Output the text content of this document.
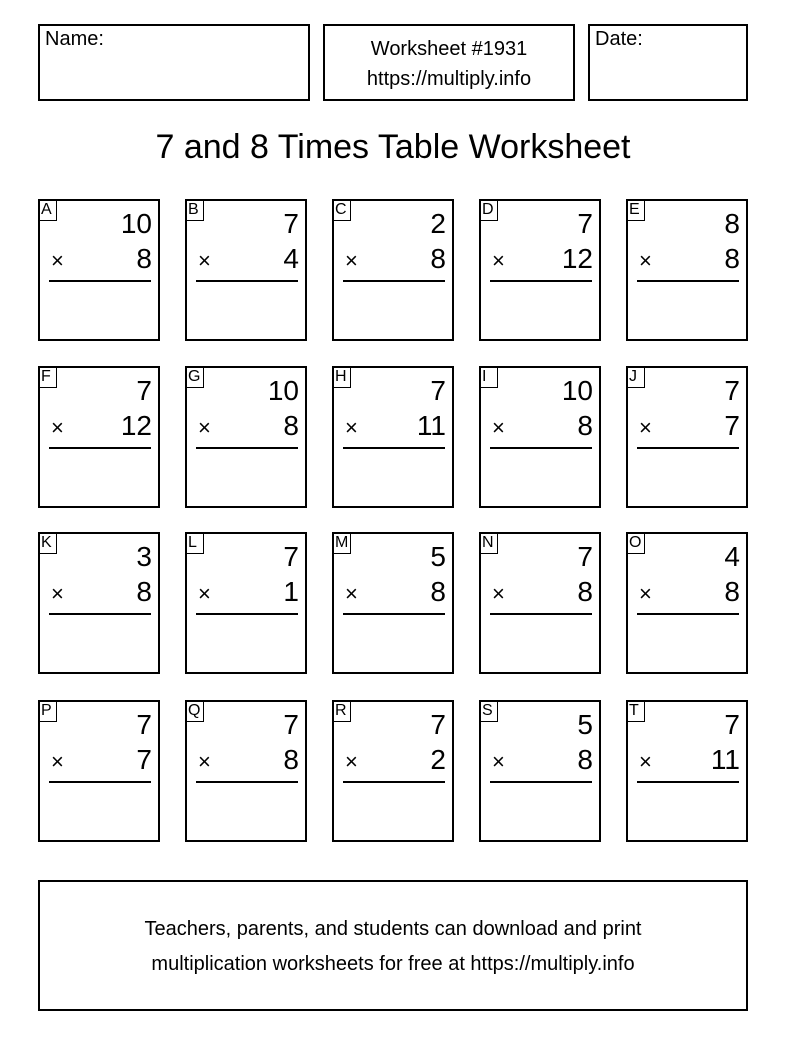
Name:	Worksheet #1931
https://multiply.info
Date:
7 and 8 Times Table Worksheet
A 10
×	8
B	7
×	4
C	2
×	8
D	7
× 12
E	8
×	8
F	7
× 12
G 10
×	8
H	7
× 11
I	10
×	8
J	7
×	7
K	3
×	8
L	7
×	1
M	5
×	8
N	7
×	8
O	4
×	8
P	7
×	7
Q	7
×	8
R	7
×	2
S	5
×	8
T	7
× 11
Teachers, parents, and students can download and print
multiplication worksheets for free at https://multiply.info
